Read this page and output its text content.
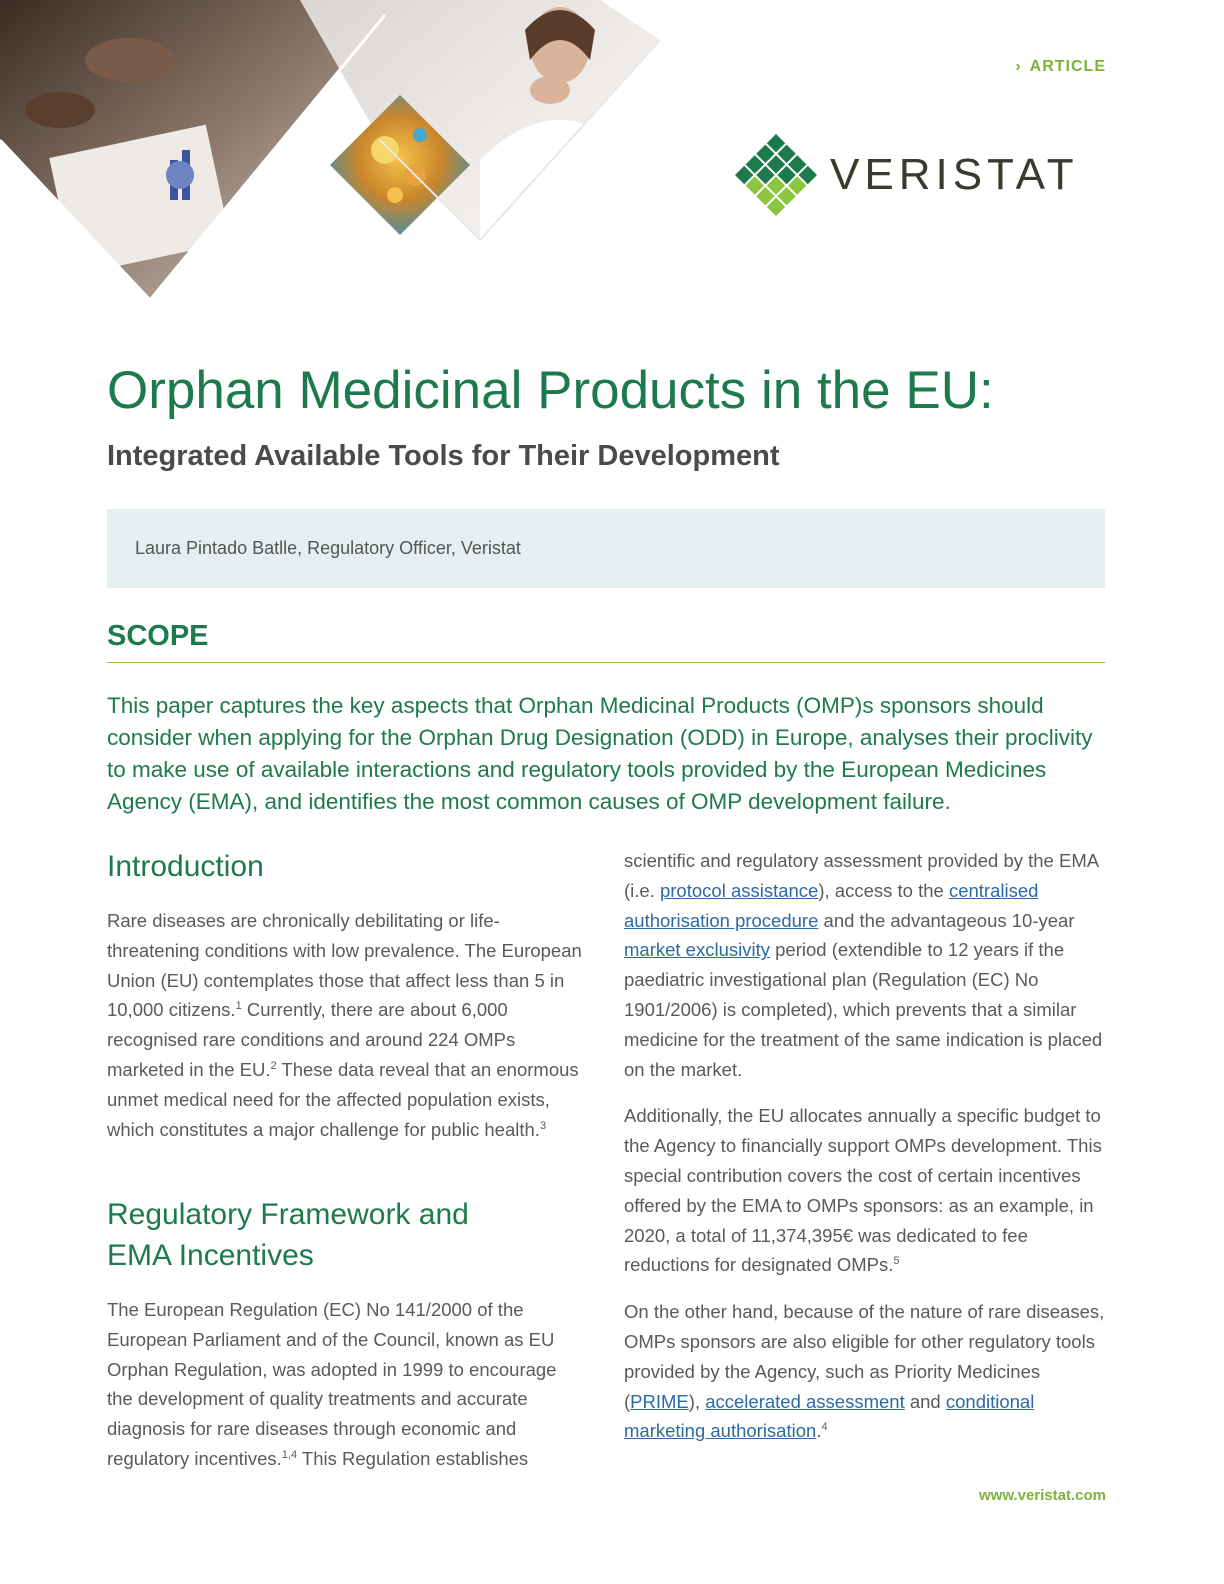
› ARTICLE
VERISTAT
Orphan Medicinal Products in the EU:
Integrated Available Tools for Their Development
Laura Pintado Batlle, Regulatory Officer, Veristat
SCOPE
This paper captures the key aspects that Orphan Medicinal Products (OMP)s sponsors should consider when applying for the Orphan Drug Designation (ODD) in Europe, analyses their proclivity to make use of available interactions and regulatory tools provided by the European Medicines Agency (EMA), and identifies the most common causes of OMP development failure.
Introduction

Rare diseases are chronically debilitating or life-threatening conditions with low prevalence. The European Union (EU) contemplates those that affect less than 5 in 10,000 citizens.$^1$ Currently, there are about 6,000 recognised rare conditions and around 224 OMPs marketed in the EU.$^2$ These data reveal that an enormous unmet medical need for the affected population exists, which constitutes a major challenge for public health.$^3$

Regulatory Framework and
EMA Incentives

The European Regulation (EC) No 141/2000 of the European Parliament and of the Council, known as EU Orphan Regulation, was adopted in 1999 to encourage the development of quality treatments and accurate diagnosis for rare diseases through economic and regulatory incentives.$^{1,4}$ This Regulation establishes

scientific and regulatory assessment provided by the EMA (i.e. protocol assistance), access to the centralised authorisation procedure and the advantageous 10-year market exclusivity period (extendible to 12 years if the paediatric investigational plan (Regulation (EC) No 1901/2006) is completed), which prevents that a similar medicine for the treatment of the same indication is placed on the market.

Additionally, the EU allocates annually a specific budget to the Agency to financially support OMPs development. This special contribution covers the cost of certain incentives offered by the EMA to OMPs sponsors: as an example, in 2020, a total of 11,374,395€ was dedicated to fee reductions for designated OMPs.$^5$

On the other hand, because of the nature of rare diseases, OMPs sponsors are also eligible for other regulatory tools provided by the Agency, such as Priority Medicines (PRIME), accelerated assessment and conditional marketing authorisation.$^4$

www.veristat.com
